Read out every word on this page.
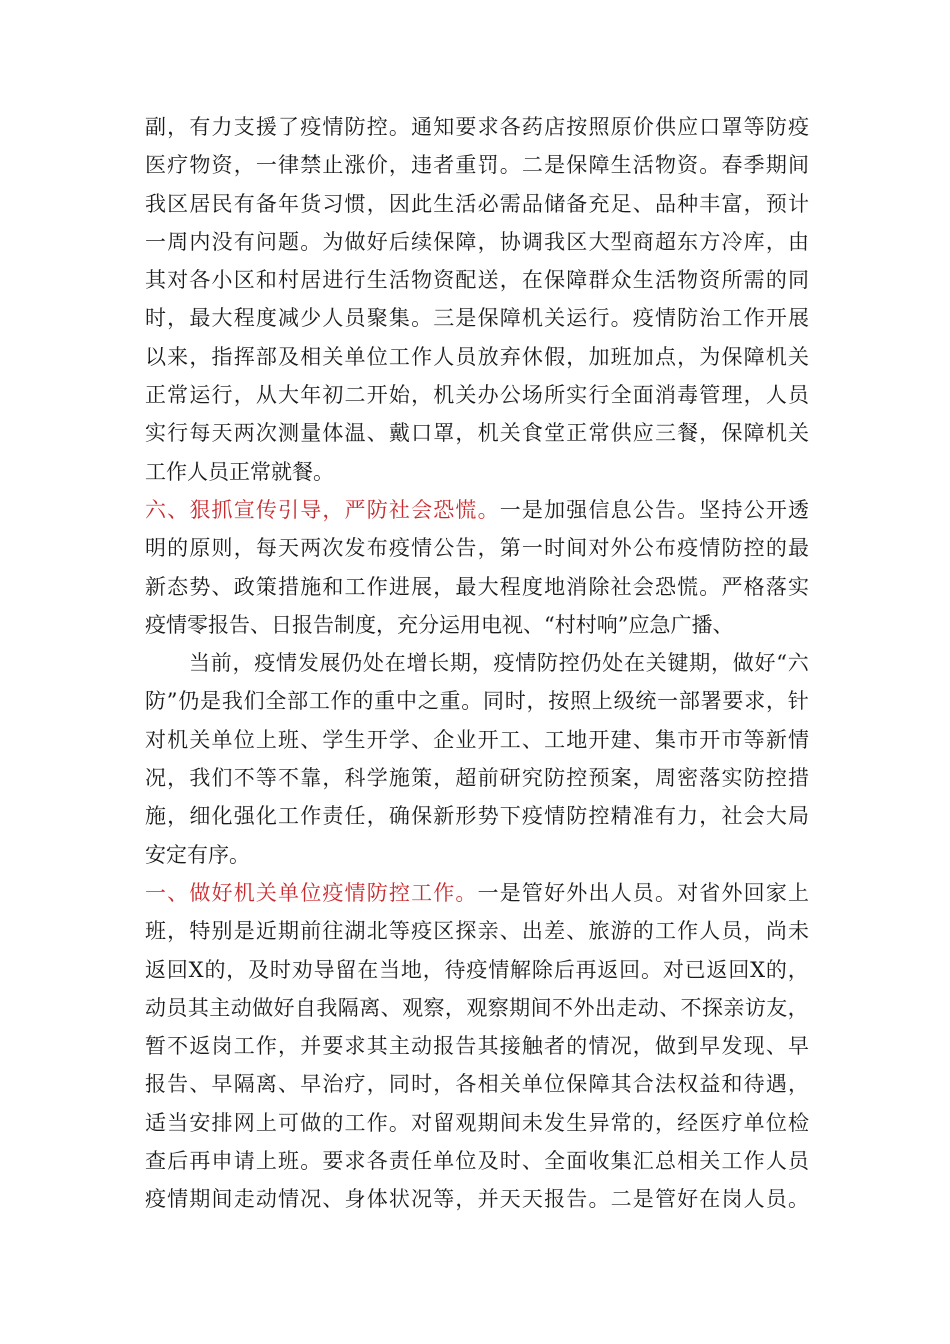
副 ， 有 力 支 援 了 疫 情 防 控 。 通 知 要 求 各 药 店 按 照 原 价 供 应 口 罩 等 防 疫
医 疗 物 资 ， 一 律 禁 止 涨 价 ， 违 者 重 罚 。 二 是 保 障 生 活 物 资 。 春 季 期 间
我 区 居 民 有 备 年 货 习 惯 ， 因 此 生 活 必 需 品 储 备 充 足 、 品 种 丰 富 ， 预 计
一 周 内 没 有 问 题 。 为 做 好 后 续 保 障 ， 协 调 我 区 大 型 商 超 东 方 冷 库 ， 由
其 对 各 小 区 和 村 居 进 行 生 活 物 资 配 送 ， 在 保 障 群 众 生 活 物 资 所 需 的 同
时 ， 最 大 程 度 减 少 人 员 聚 集 。 三 是 保 障 机 关 运 行 。 疫 情 防 治 工 作 开 展
以 来 ， 指 挥 部 及 相 关 单 位 工 作 人 员 放 弃 休 假 ， 加 班 加 点 ， 为 保 障 机 关
正 常 运 行 ， 从 大 年 初 二 开 始 ， 机 关 办 公 场 所 实 行 全 面 消 毒 管 理 ， 人 员
实 行 每 天 两 次 测 量 体 温 、 戴 口 罩 ， 机 关 食 堂 正 常 供 应 三 餐 ， 保 障 机 关
工作人员正常就餐。
六 、 狠 抓 宣 传 引 导 ， 严 防 社 会 恐 慌 。 一 是 加 强 信 息 公 告 。 坚 持 公 开 透
明 的 原 则 ， 每 天 两 次 发 布 疫 情 公 告 ， 第 一 时 间 对 外 公 布 疫 情 防 控 的 最
新 态 势 、 政 策 措 施 和 工 作 进 展 ， 最 大 程 度 地 消 除 社 会 恐 慌 。 严 格 落 实
疫情零报告、日报告制度，充分运用电视、“村村响”应急广播、
当 前 ， 疫 情 发 展 仍 处 在 增 长 期 ， 疫 情 防 控 仍 处 在 关 键 期 ， 做 好 “ 六
防 ” 仍 是 我 们 全 部 工 作 的 重 中 之 重 。 同 时 ， 按 照 上 级 统 一 部 署 要 求 ， 针
对 机 关 单 位 上 班 、 学 生 开 学 、 企 业 开 工 、 工 地 开 建 、 集 市 开 市 等 新 情
况 ， 我 们 不 等 不 靠 ， 科 学 施 策 ， 超 前 研 究 防 控 预 案 ， 周 密 落 实 防 控 措
施 ， 细 化 强 化 工 作 责 任 ， 确 保 新 形 势 下 疫 情 防 控 精 准 有 力 ， 社 会 大 局
安定有序。
一 、 做 好 机 关 单 位 疫 情 防 控 工 作 。 一 是 管 好 外 出 人 员 。 对 省 外 回 家 上
班 ， 特 别 是 近 期 前 往 湖 北 等 疫 区 探 亲 、 出 差 、 旅 游 的 工 作 人 员 ， 尚 未
返 回 X 的 ， 及 时 劝 导 留 在 当 地 ， 待 疫 情 解 除 后 再 返 回 。 对 已 返 回 X 的 ，
动 员 其 主 动 做 好 自 我 隔 离 、 观 察 ， 观 察 期 间 不 外 出 走 动 、 不 探 亲 访 友 ，
暂 不 返 岗 工 作 ， 并 要 求 其 主 动 报 告 其 接 触 者 的 情 况 ， 做 到 早 发 现 、 早
报 告 、 早 隔 离 、 早 治 疗 ， 同 时 ， 各 相 关 单 位 保 障 其 合 法 权 益 和 待 遇 ，
适 当 安 排 网 上 可 做 的 工 作 。 对 留 观 期 间 未 发 生 异 常 的 ， 经 医 疗 单 位 检
查 后 再 申 请 上 班 。 要 求 各 责 任 单 位 及 时 、 全 面 收 集 汇 总 相 关 工 作 人 员
疫 情 期 间 走 动 情 况 、 身 体 状 况 等 ， 并 天 天 报 告 。 二 是 管 好 在 岗 人 员 。
